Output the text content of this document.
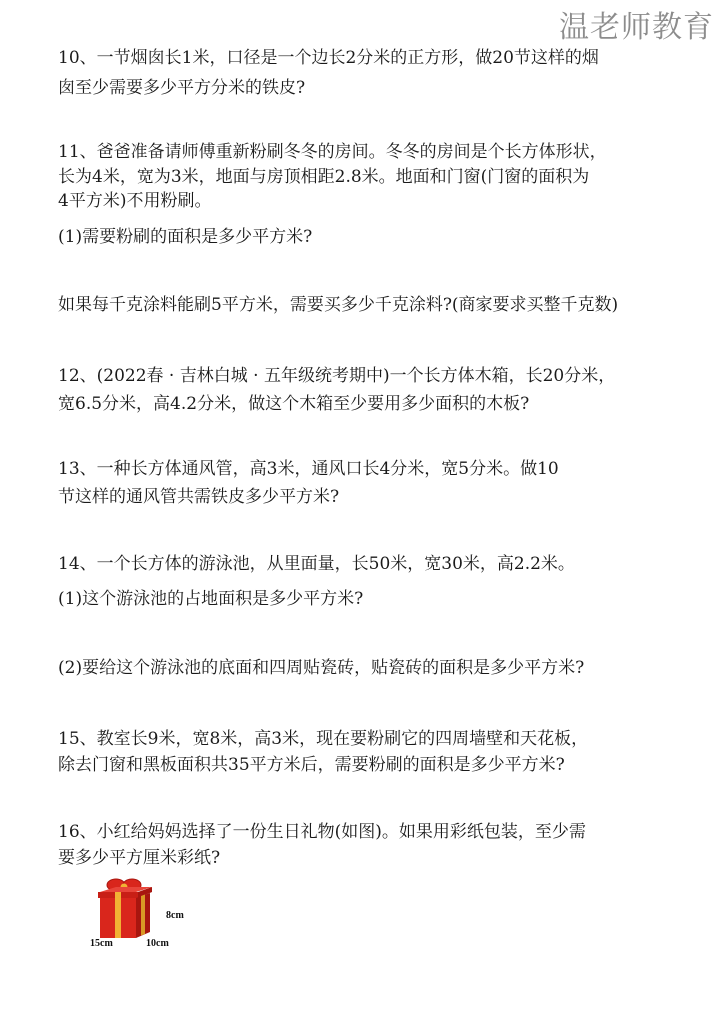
温老师教育
10、一节烟囱长1米，口径是一个边长2分米的正方形，做20节这样的烟
囱至少需要多少平方分米的铁皮?
11、爸爸准备请师傅重新粉刷冬冬的房间。冬冬的房间是个长方体形状，
长为4米，宽为3米，地面与房顶相距2.8米。地面和门窗(门窗的面积为
4平方米)不用粉刷。
(1)需要粉刷的面积是多少平方米?
如果每千克涂料能刷5平方米，需要买多少千克涂料?(商家要求买整千克数)
12、(2022春 · 吉林白城 · 五年级统考期中)一个长方体木箱，长20分米，
宽6.5分米，高4.2分米，做这个木箱至少要用多少面积的木板?
13、一种长方体通风管，高3米，通风口长4分米，宽5分米。做10
节这样的通风管共需铁皮多少平方米?
14、一个长方体的游泳池，从里面量，长50米，宽30米，高2.2米。
(1)这个游泳池的占地面积是多少平方米?
(2)要给这个游泳池的底面和四周贴瓷砖，贴瓷砖的面积是多少平方米?
15、教室长9米，宽8米，高3米，现在要粉刷它的四周墙壁和天花板，
除去门窗和黑板面积共35平方米后，需要粉刷的面积是多少平方米?
16、小红给妈妈选择了一份生日礼物(如图)。如果用彩纸包装，至少需
要多少平方厘米彩纸?
8cm
15cm	10cm
